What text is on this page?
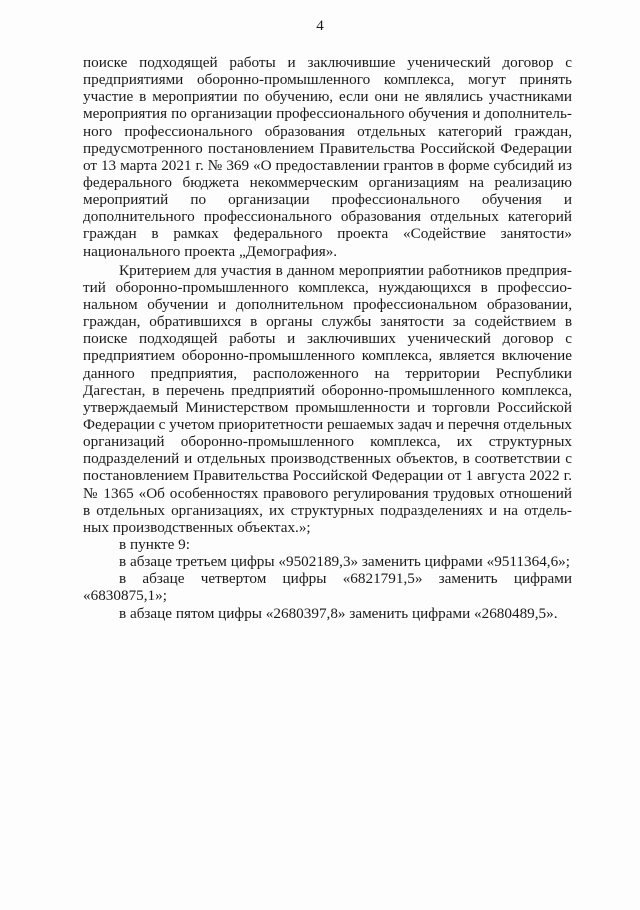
4
поиске подходящей работы и заключившие ученический договор с
предприятиями оборонно-промышленного комплекса, могут принять
участие в мероприятии по обучению, если они не являлись участниками
мероприятия по организации профессионального обучения и дополнитель-
ного профессионального образования отдельных категорий граждан,
предусмотренного постановлением Правительства Российской Федерации
от 13 марта 2021 г. № 369 «О предоставлении грантов в форме субсидий из
федерального бюджета некоммерческим организациям на реализацию
мероприятий по организации профессионального обучения и
дополнительного профессионального образования отдельных категорий
граждан в рамках федерального проекта «Содействие занятости»
национального проекта „Демография».
Критерием для участия в данном мероприятии работников предприя-
тий оборонно-промышленного комплекса, нуждающихся в профессио-
нальном обучении и дополнительном профессиональном образовании,
граждан, обратившихся в органы службы занятости за содействием в
поиске подходящей работы и заключивших ученический договор с
предприятием оборонно-промышленного комплекса, является включение
данного предприятия, расположенного на территории Республики
Дагестан, в перечень предприятий оборонно-промышленного комплекса,
утверждаемый Министерством промышленности и торговли Российской
Федерации с учетом приоритетности решаемых задач и перечня отдельных
организаций оборонно-промышленного комплекса, их структурных
подразделений и отдельных производственных объектов, в соответствии с
постановлением Правительства Российской Федерации от 1 августа 2022 г.
№ 1365 «Об особенностях правового регулирования трудовых отношений
в отдельных организациях, их структурных подразделениях и на отдель-
ных производственных объектах.»;
в пункте 9:
в абзаце третьем цифры «9502189,3» заменить цифрами «9511364,6»;
в абзаце четвертом цифры «6821791,5» заменить цифрами
«6830875,1»;
в абзаце пятом цифры «2680397,8» заменить цифрами «2680489,5».
